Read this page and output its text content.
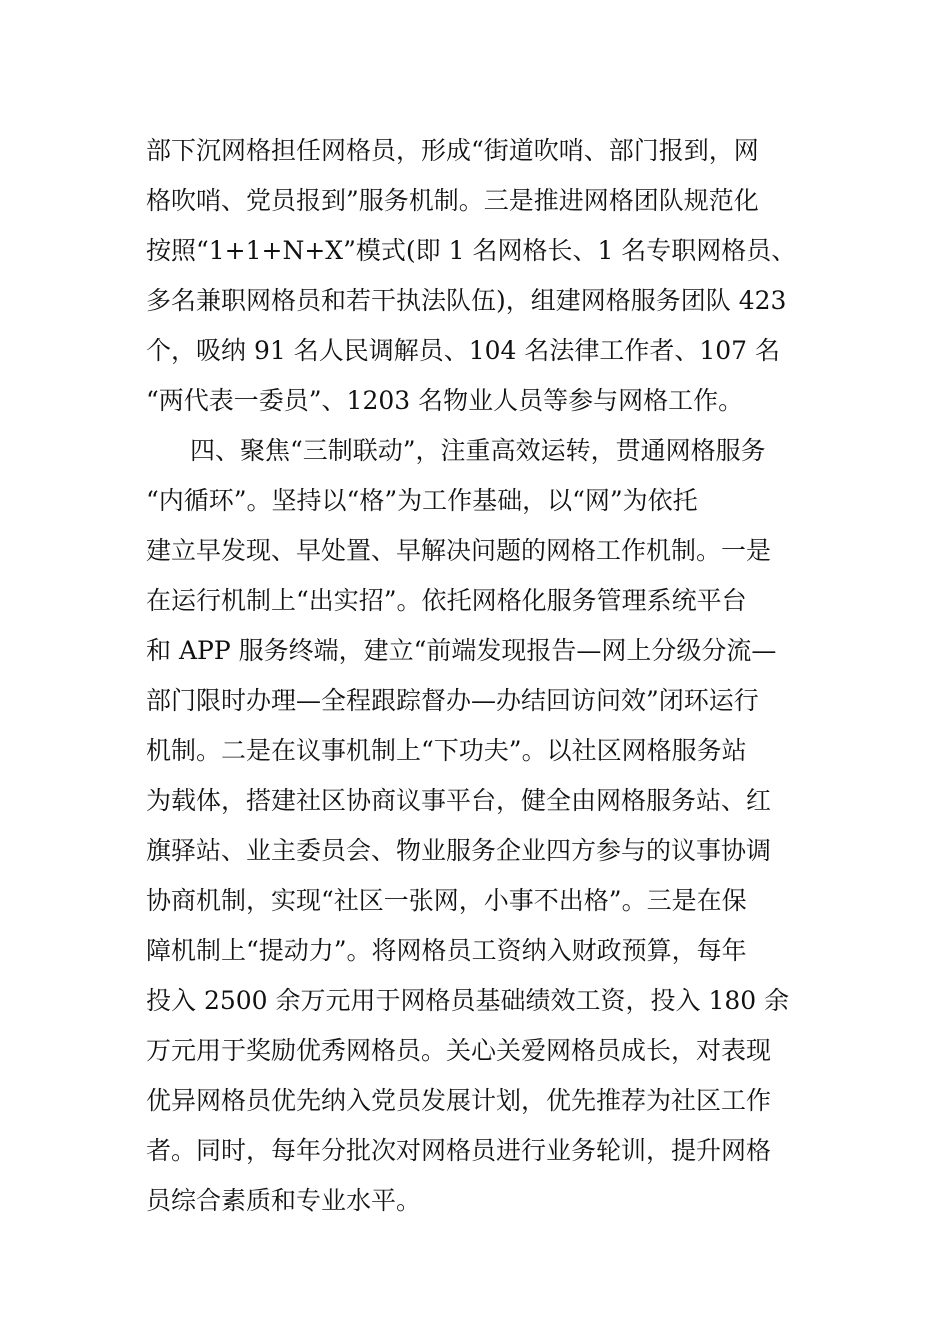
部下沉网格担任网格员，形成“街道吹哨、部门报到，网
格吹哨、党员报到”服务机制。三是推进网格团队规范化
按照“1+1+N+X”模式(即 1 名网格长、1 名专职网格员、
多名兼职网格员和若干执法队伍)，组建网格服务团队 423
个，吸纳 91 名人民调解员、104 名法律工作者、107 名
“两代表一委员”、1203 名物业人员等参与网格工作。
四、聚焦“三制联动”，注重高效运转，贯通网格服务
“内循环”。坚持以“格”为工作基础，以“网”为依托
建立早发现、早处置、早解决问题的网格工作机制。一是
在运行机制上“出实招”。依托网格化服务管理系统平台
和 APP 服务终端，建立“前端发现报告—网上分级分流—
部门限时办理—全程跟踪督办—办结回访问效”闭环运行
机制。二是在议事机制上“下功夫”。以社区网格服务站
为载体，搭建社区协商议事平台，健全由网格服务站、红
旗驿站、业主委员会、物业服务企业四方参与的议事协调
协商机制，实现“社区一张网，小事不出格”。三是在保
障机制上“提动力”。将网格员工资纳入财政预算，每年
投入 2500 余万元用于网格员基础绩效工资，投入 180 余
万元用于奖励优秀网格员。关心关爱网格员成长，对表现
优异网格员优先纳入党员发展计划，优先推荐为社区工作
者。同时，每年分批次对网格员进行业务轮训，提升网格
员综合素质和专业水平。
